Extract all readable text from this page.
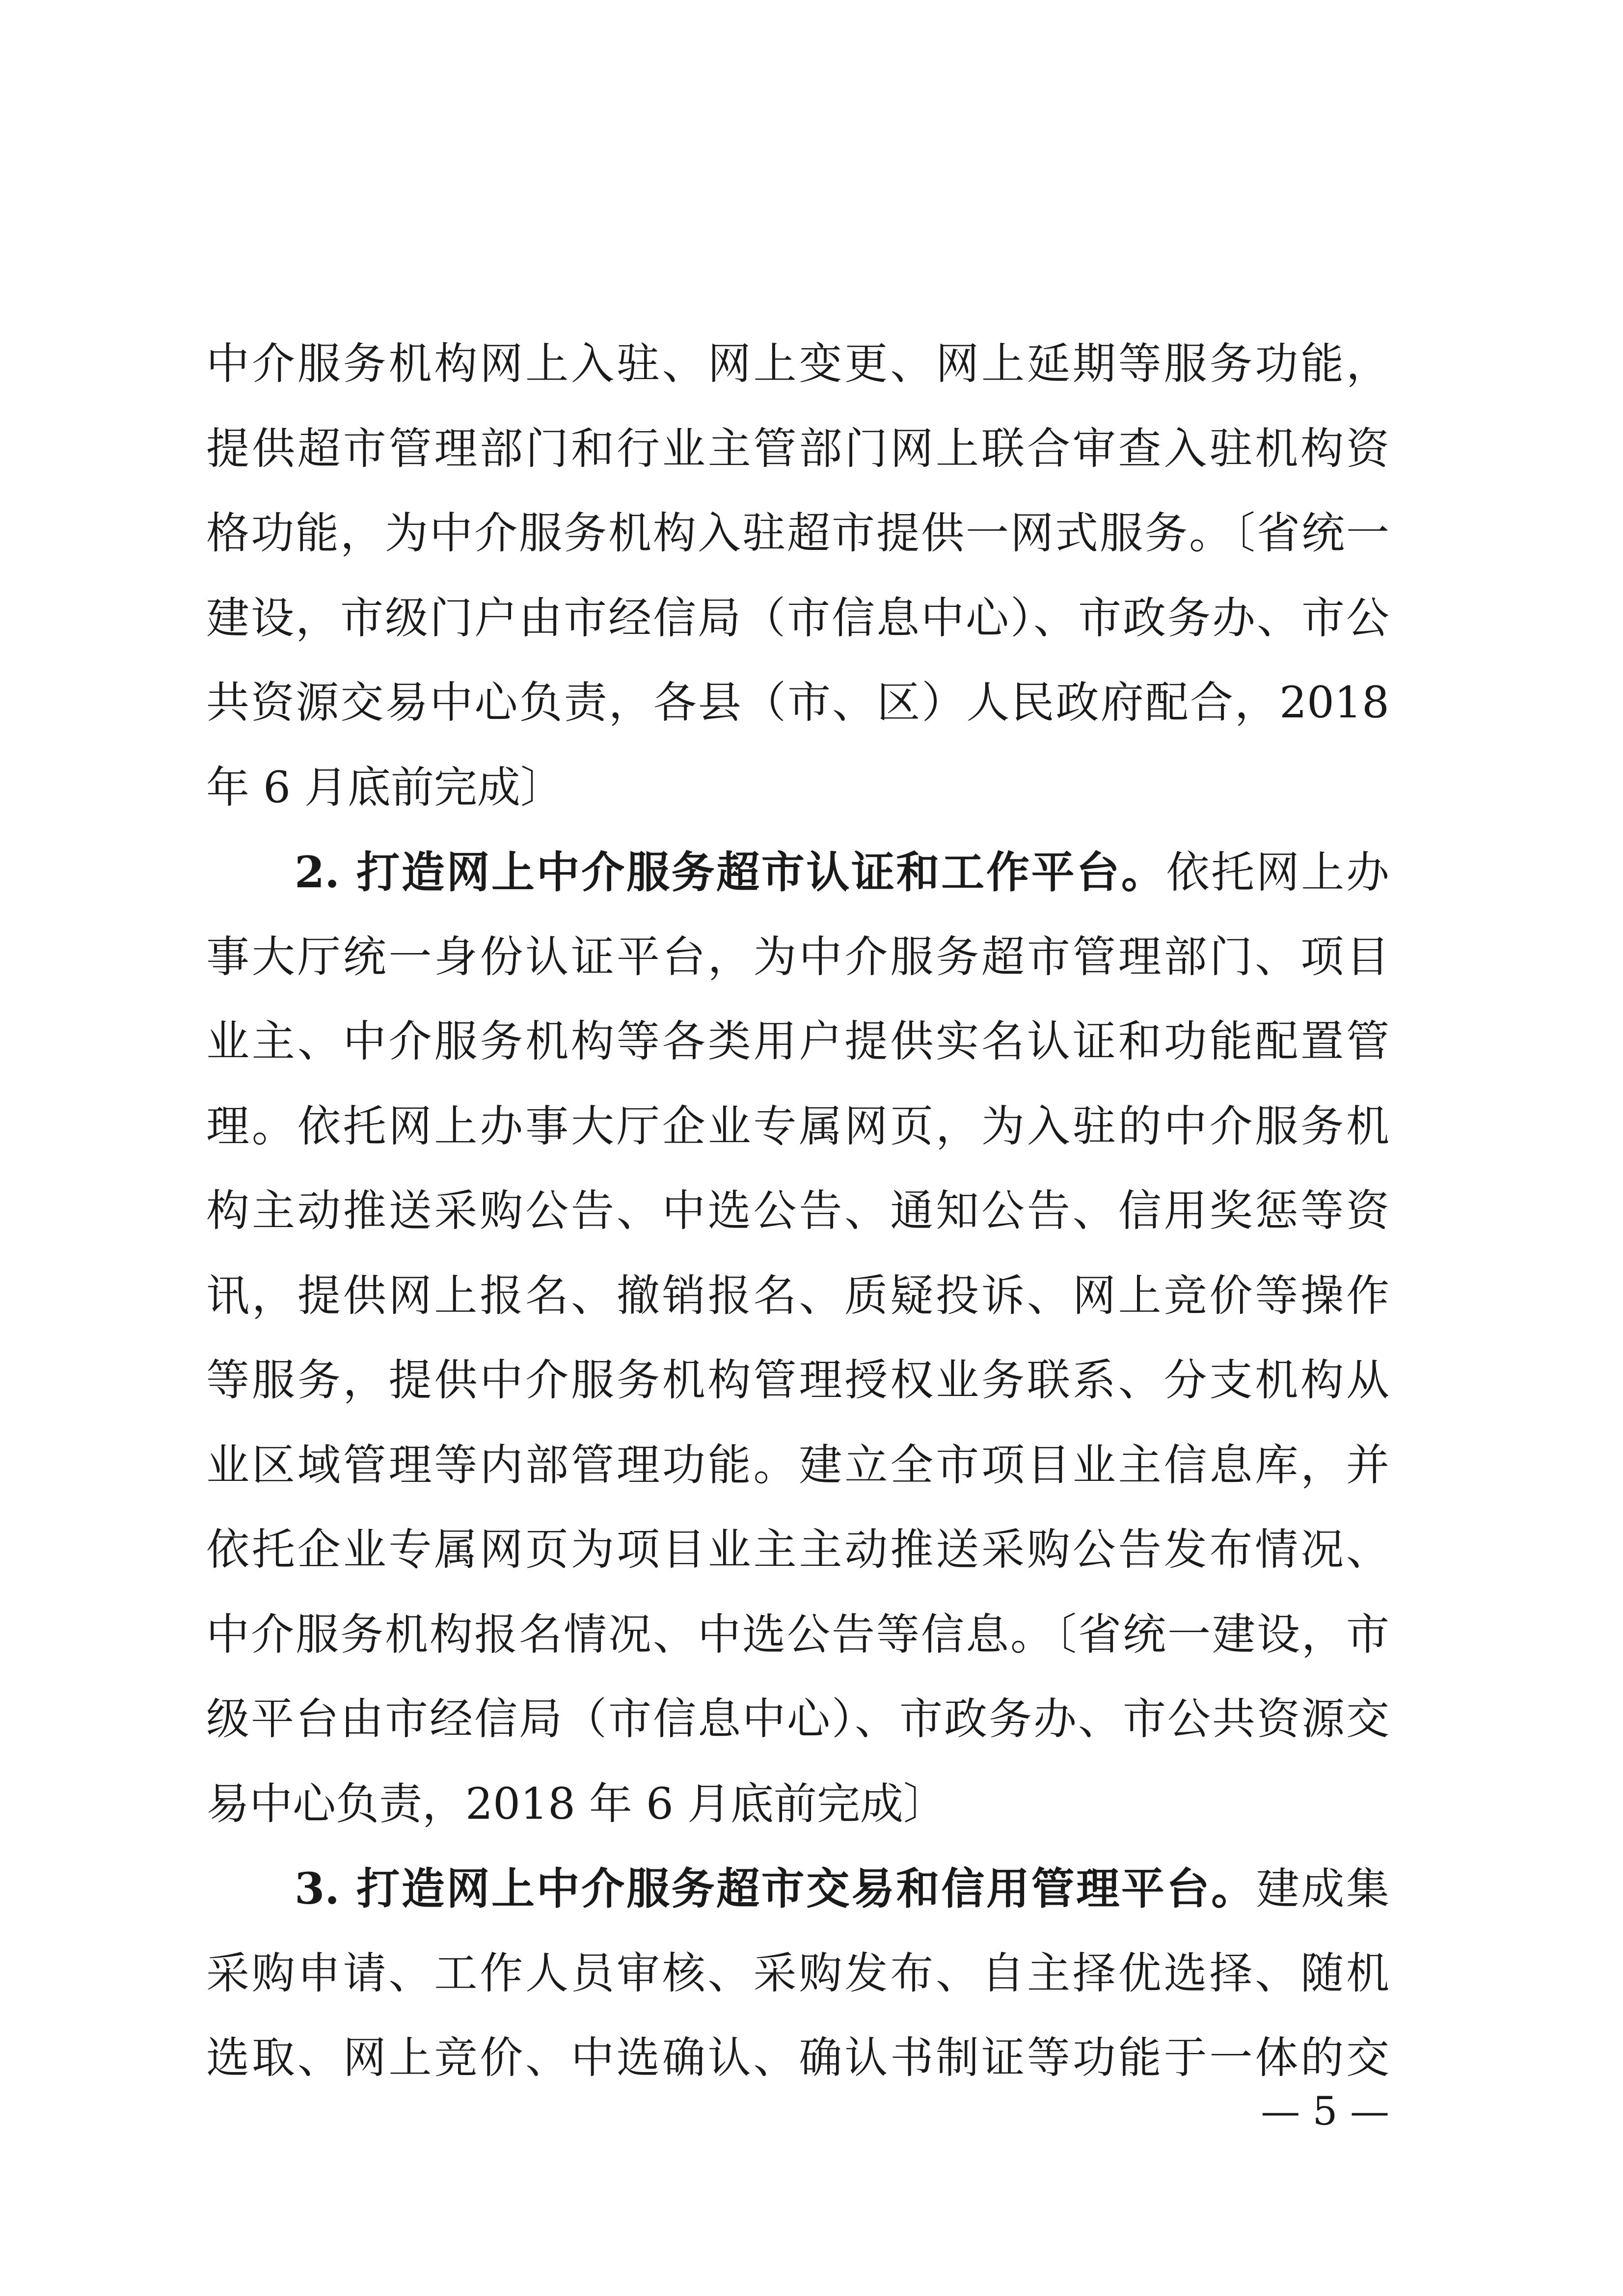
中介服务机构网上入驻、网上变更、网上延期等服务功能，
提供超市管理部门和行业主管部门网上联合审查入驻机构资
格功能，为中介服务机构入驻超市提供一网式服务。〔省统一
建设，市级门户由市经信局（市信息中心）、市政务办、市公
共资源交易中心负责，各县（市、区）人民政府配合，2018
年 6 月底前完成〕
2. 打造网上中介服务超市认证和工作平台。依托网上办
事大厅统一身份认证平台，为中介服务超市管理部门、项目
业主、中介服务机构等各类用户提供实名认证和功能配置管
理。依托网上办事大厅企业专属网页，为入驻的中介服务机
构主动推送采购公告、中选公告、通知公告、信用奖惩等资
讯，提供网上报名、撤销报名、质疑投诉、网上竞价等操作
等服务，提供中介服务机构管理授权业务联系、分支机构从
业区域管理等内部管理功能。建立全市项目业主信息库，并
依托企业专属网页为项目业主主动推送采购公告发布情况、
中介服务机构报名情况、中选公告等信息。〔省统一建设，市
级平台由市经信局（市信息中心）、市政务办、市公共资源交
易中心负责，2018 年 6 月底前完成〕
3. 打造网上中介服务超市交易和信用管理平台。建成集
采购申请、工作人员审核、采购发布、自主择优选择、随机
选取、网上竞价、中选确认、确认书制证等功能于一体的交
— 5 —
